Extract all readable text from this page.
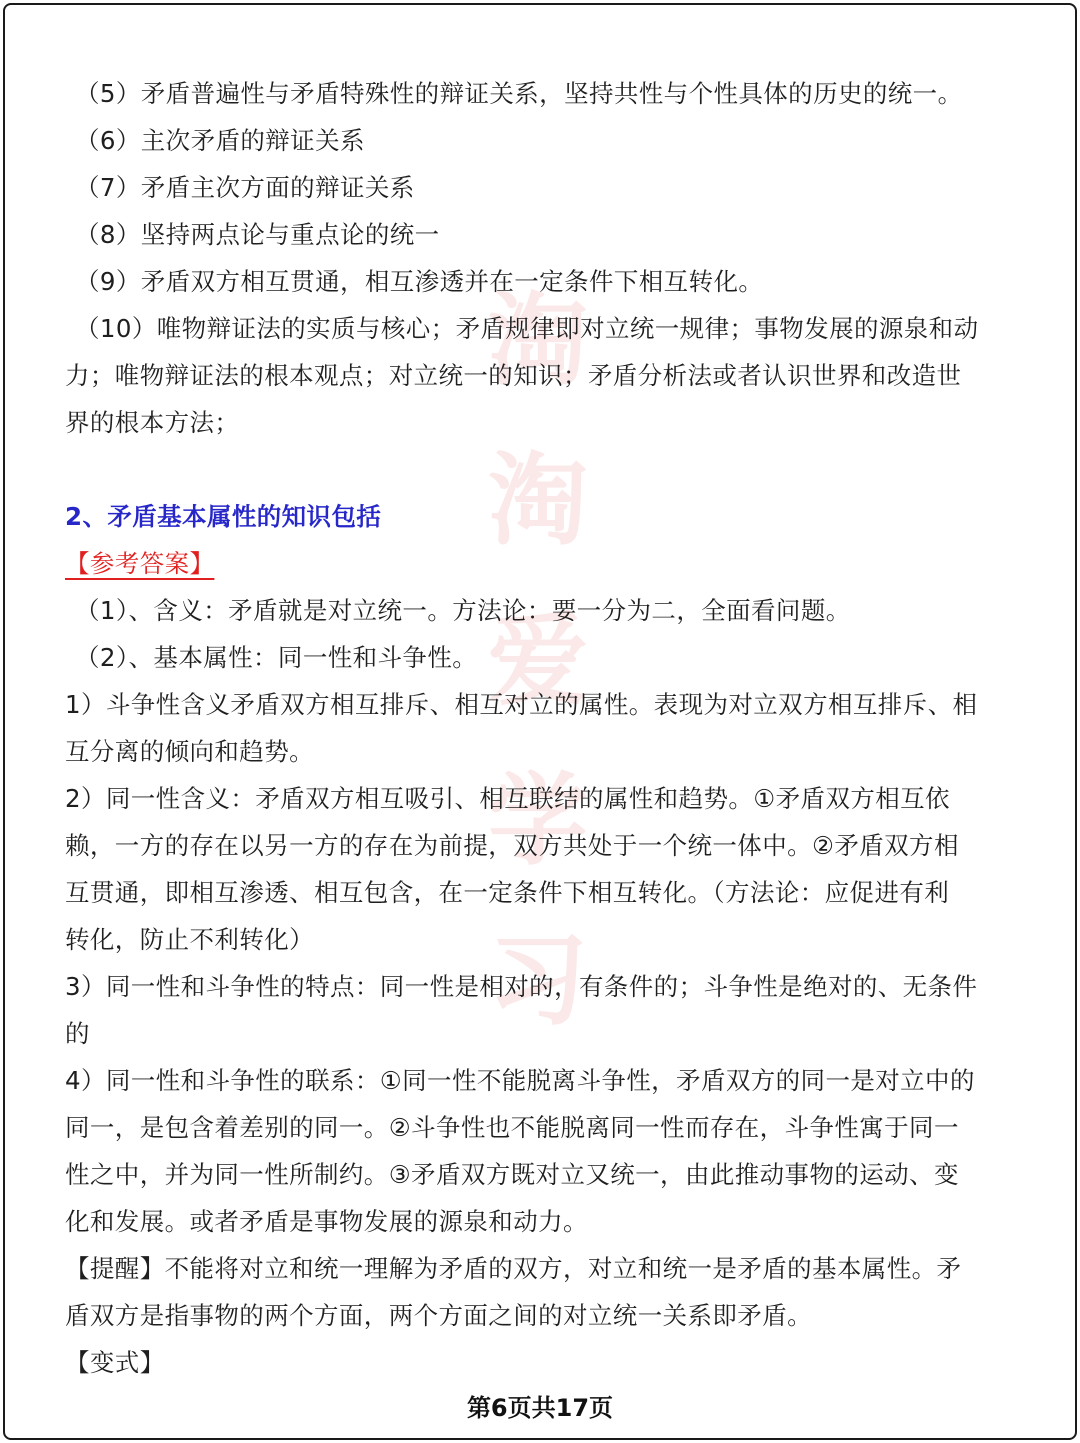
淘
淘
爱
学
习
（5）矛盾普遍性与矛盾特殊性的辩证关系，坚持共性与个性具体的历史的统一。
（6）主次矛盾的辩证关系
（7）矛盾主次方面的辩证关系
（8）坚持两点论与重点论的统一
（9）矛盾双方相互贯通，相互渗透并在一定条件下相互转化。
（10）唯物辩证法的实质与核心；矛盾规律即对立统一规律；事物发展的源泉和动
力；唯物辩证法的根本观点；对立统一的知识；矛盾分析法或者认识世界和改造世
界的根本方法；
2、矛盾基本属性的知识包括
【参考答案】
（1）、含义：矛盾就是对立统一。方法论：要一分为二，全面看问题。
（2）、基本属性：同一性和斗争性。
1）斗争性含义矛盾双方相互排斥、相互对立的属性。表现为对立双方相互排斥、相
互分离的倾向和趋势。
2）同一性含义：矛盾双方相互吸引、相互联结的属性和趋势。①矛盾双方相互依
赖，一方的存在以另一方的存在为前提，双方共处于一个统一体中。②矛盾双方相
互贯通，即相互渗透、相互包含，在一定条件下相互转化。（方法论：应促进有利
转化，防止不利转化）
3）同一性和斗争性的特点：同一性是相对的，有条件的；斗争性是绝对的、无条件
的
4）同一性和斗争性的联系：①同一性不能脱离斗争性，矛盾双方的同一是对立中的
同一，是包含着差别的同一。②斗争性也不能脱离同一性而存在，斗争性寓于同一
性之中，并为同一性所制约。③矛盾双方既对立又统一，由此推动事物的运动、变
化和发展。或者矛盾是事物发展的源泉和动力。
【提醒】不能将对立和统一理解为矛盾的双方，对立和统一是矛盾的基本属性。矛
盾双方是指事物的两个方面，两个方面之间的对立统一关系即矛盾。
【变式】
第6页共17页
